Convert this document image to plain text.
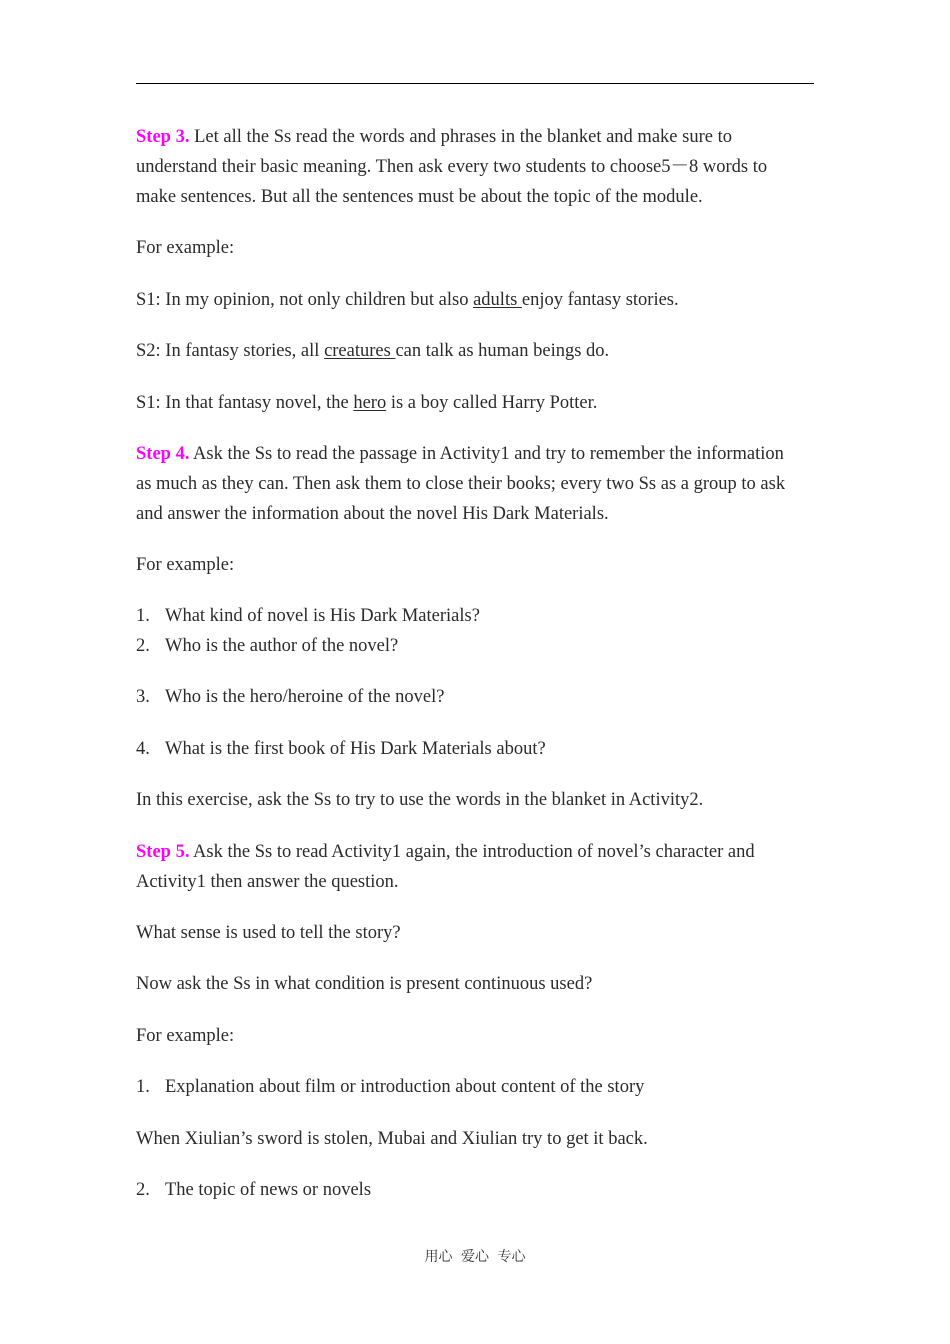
Step 3. Let all the Ss read the words and phrases in the blanket and make sure to
understand their basic meaning. Then ask every two students to choose5－8 words to
make sentences. But all the sentences must be about the topic of the module.
For example:
S1: In my opinion, not only children but also adults enjoy fantasy stories.
S2: In fantasy stories, all creatures can talk as human beings do.
S1: In that fantasy novel, the hero is a boy called Harry Potter.
Step 4. Ask the Ss to read the passage in Activity1 and try to remember the information
as much as they can. Then ask them to close their books; every two Ss as a group to ask
and answer the information about the novel His Dark Materials.
For example:
1. What kind of novel is His Dark Materials?
2. Who is the author of the novel?
3. Who is the hero/heroine of the novel?
4. What is the first book of His Dark Materials about?
In this exercise, ask the Ss to try to use the words in the blanket in Activity2.
Step 5. Ask the Ss to read Activity1 again, the introduction of novel’s character and
Activity1 then answer the question.
What sense is used to tell the story?
Now ask the Ss in what condition is present continuous used?
For example:
1. Explanation about film or introduction about content of the story
When Xiulian’s sword is stolen, Mubai and Xiulian try to get it back.
2. The topic of news or novels
用心 爱心 专心
